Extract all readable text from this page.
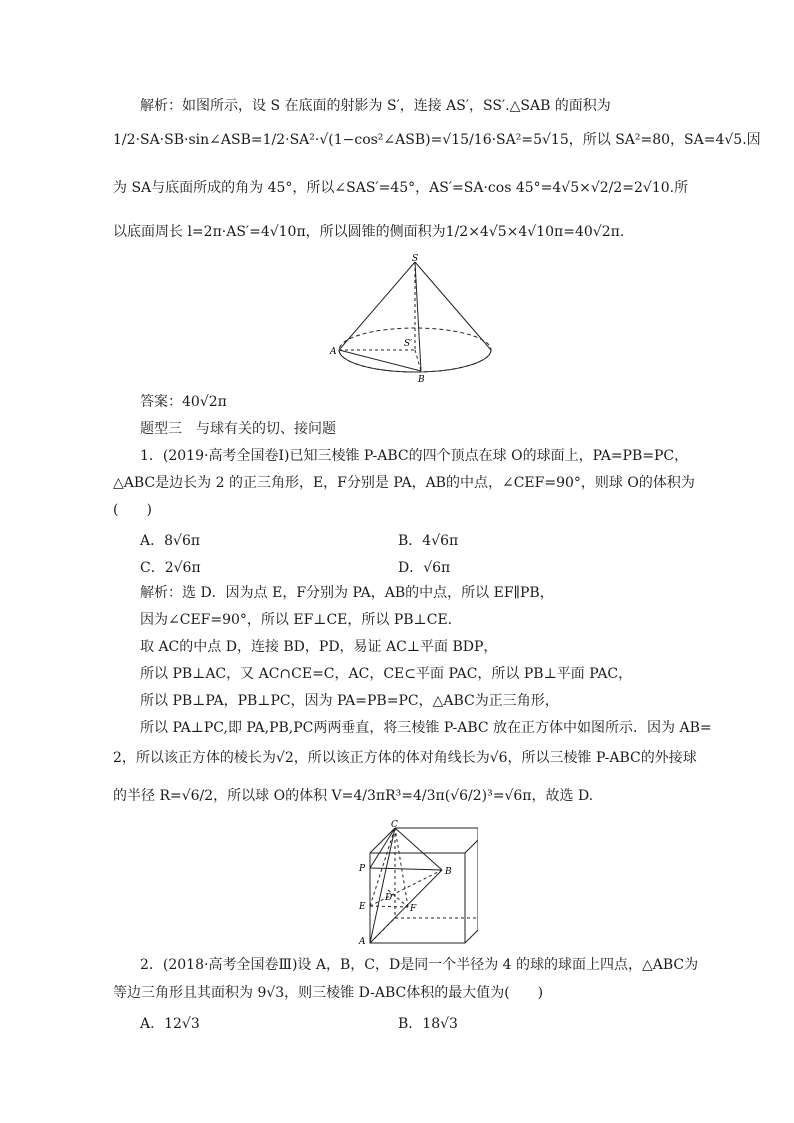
解析：如图所示，设 S 在底面的射影为 S′，连接 AS′，SS′.△SAB 的面积为
1/2·SA·SB·sin∠ASB=1/2·SA²·√(1−cos²∠ASB)=√15/16·SA²=5√15，所以 SA²=80，SA=4√5.因
为 SA与底面所成的角为 45°，所以∠SAS′=45°，AS′=SA·cos 45°=4√5×√2/2=2√10.所
以底面周长 l=2π·AS′=4√10π，所以圆锥的侧面积为1/2×4√5×4√10π=40√2π.
S
S′
A
B
答案：40√2π
题型三　与球有关的切、接问题
1．(2019·高考全国卷Ⅰ)已知三棱锥 P-ABC的四个顶点在球 O的球面上，PA=PB=PC，
△ABC是边长为 2 的正三角形，E，F分别是 PA，AB的中点，∠CEF=90°，则球 O的体积为
(　　)
A．8√6π	B．4√6π
C．2√6π	D．√6π
解析：选 D．因为点 E，F分别为 PA，AB的中点，所以 EF∥PB，
因为∠CEF=90°，所以 EF⊥CE，所以 PB⊥CE.
取 AC的中点 D，连接 BD，PD，易证 AC⊥平面 BDP，
所以 PB⊥AC，又 AC∩CE=C，AC，CE⊂平面 PAC，所以 PB⊥平面 PAC，
所以 PB⊥PA，PB⊥PC，因为 PA=PB=PC，△ABC为正三角形，
所以 PA⊥PC,即 PA,PB,PC两两垂直，将三棱锥 P-ABC 放在正方体中如图所示．因为 AB=
2，所以该正方体的棱长为√2，所以该正方体的体对角线长为√6，所以三棱锥 P-ABC的外接球
的半径 R=√6/2，所以球 O的体积 V=4/3πR³=4/3π(√6/2)³=√6π，故选 D.
C
P
E
D
F
B
A
2．(2018·高考全国卷Ⅲ)设 A，B，C，D是同一个半径为 4 的球的球面上四点，△ABC为
等边三角形且其面积为 9√3，则三棱锥 D-ABC体积的最大值为(　　)
A．12√3	B．18√3
